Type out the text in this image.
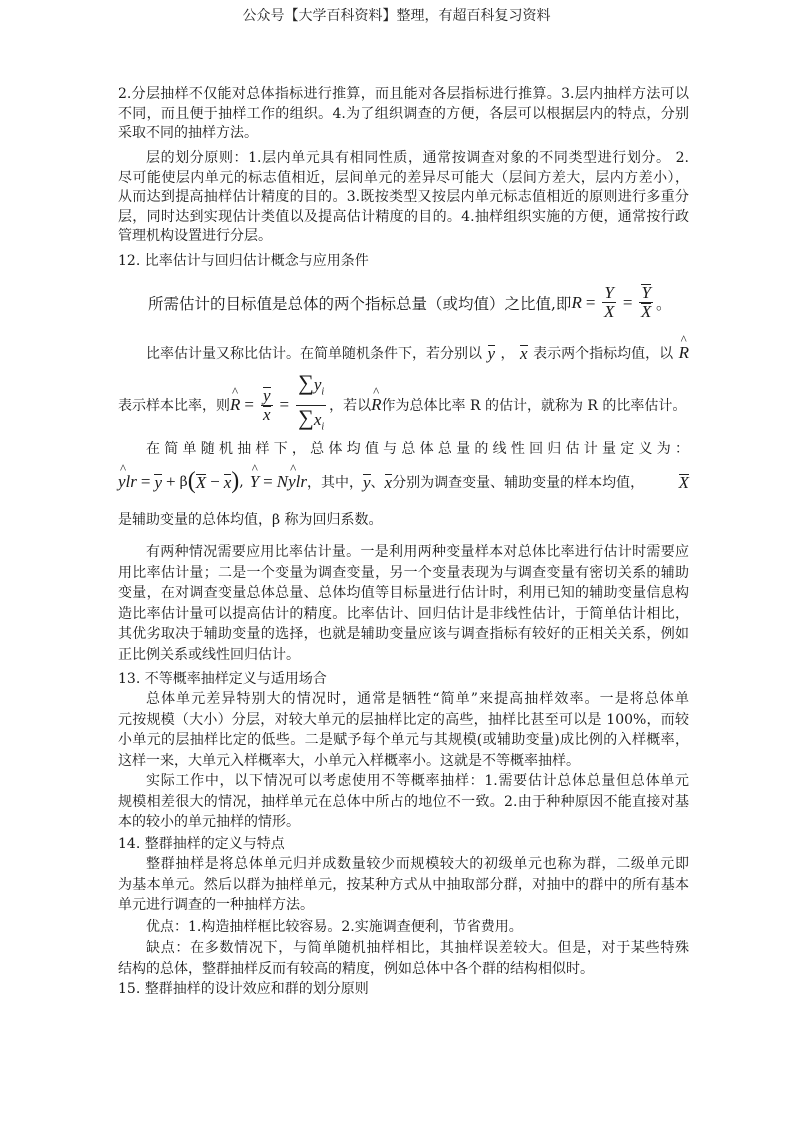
公众号【大学百科资料】整理，有超百科复习资料
2.分层抽样不仅能对总体指标进行推算，而且能对各层指标进行推算。3.层内抽样方法可以
不同，而且便于抽样工作的组织。4.为了组织调查的方便，各层可以根据层内的特点，分别
采取不同的抽样方法。
层的划分原则：1.层内单元具有相同性质，通常按调查对象的不同类型进行划分。 2.
尽可能使层内单元的标志值相近，层间单元的差异尽可能大（层间方差大，层内方差小），
从而达到提高抽样估计精度的目的。3.既按类型又按层内单元标志值相近的原则进行多重分
层，同时达到实现估计类值以及提高估计精度的目的。4.抽样组织实施的方便，通常按行政
管理机构设置进行分层。
12. 比率估计与回归估计概念与应用条件
所需估计的目标值是总体的两个指标总量（或均值）之比值,即 $R = \frac{Y}{X} = \frac{Y}{X}$ 。
比率估计量又称比估计。在简单随机条件下，若分别以 y ， x 表示两个指标均值，以 ^ R
表示样本比率，则 ^ $R = \frac{y}{x} = \frac{\sum y_i}{\sum x_i}$ ，若以 ^ R 作为总体比率 R 的估计，就称为 R 的比率估计。
在简单随机抽样下，总体均值与总体总量的线性回归估计量定义为：
^ y lr = y + β ( X − x ) , ^ Y = N ^ y lr ，其中， y 、 x 分别为调查变量、辅助变量的样本均值， X
是辅助变量的总体均值，β 称为回归系数。
有两种情况需要应用比率估计量。一是利用两种变量样本对总体比率进行估计时需要应
用比率估计量；二是一个变量为调查变量，另一个变量表现为与调查变量有密切关系的辅助
变量，在对调查变量总体总量、总体均值等目标量进行估计时，利用已知的辅助变量信息构
造比率估计量可以提高估计的精度。比率估计、回归估计是非线性估计，于简单估计相比，
其优劣取决于辅助变量的选择，也就是辅助变量应该与调查指标有较好的正相关关系，例如
正比例关系或线性回归估计。
13. 不等概率抽样定义与适用场合
总体单元差异特别大的情况时，通常是牺牲“简单”来提高抽样效率。一是将总体单
元按规模（大小）分层，对较大单元的层抽样比定的高些，抽样比甚至可以是 100%，而较
小单元的层抽样比定的低些。二是赋予每个单元与其规模(或辅助变量)成比例的入样概率，
这样一来，大单元入样概率大，小单元入样概率小。这就是不等概率抽样。
实际工作中，以下情况可以考虑使用不等概率抽样：1.需要估计总体总量但总体单元
规模相差很大的情况，抽样单元在总体中所占的地位不一致。2.由于种种原因不能直接对基
本的较小的单元抽样的情形。
14. 整群抽样的定义与特点
整群抽样是将总体单元归并成数量较少而规模较大的初级单元也称为群，二级单元即
为基本单元。然后以群为抽样单元，按某种方式从中抽取部分群，对抽中的群中的所有基本
单元进行调查的一种抽样方法。
优点：1.构造抽样框比较容易。2.实施调查便利，节省费用。
缺点：在多数情况下，与简单随机抽样相比，其抽样误差较大。但是，对于某些特殊
结构的总体，整群抽样反而有较高的精度，例如总体中各个群的结构相似时。
15. 整群抽样的设计效应和群的划分原则
